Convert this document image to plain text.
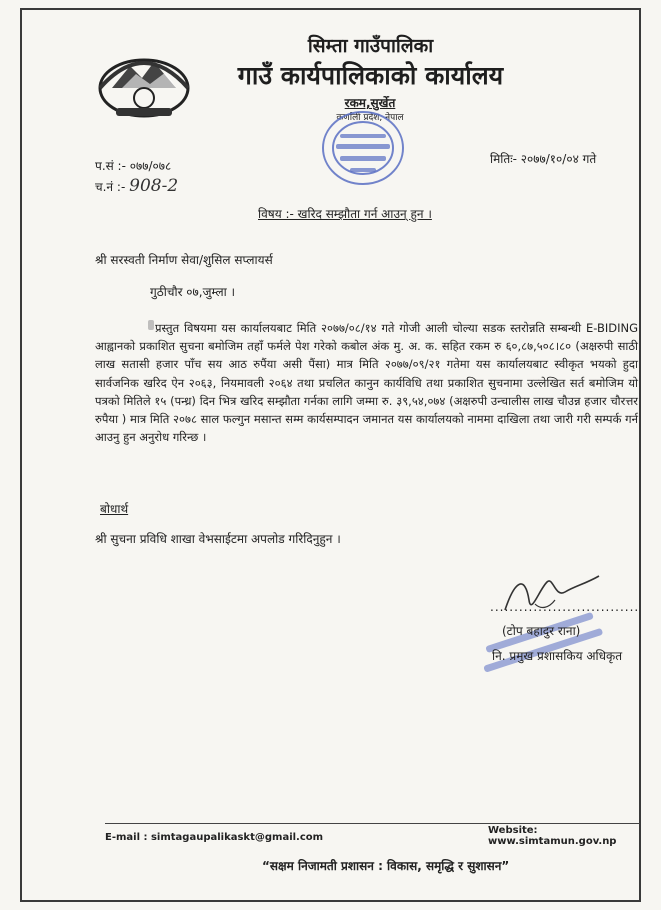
सिम्ता गाउँपालिका
गाउँ कार्यपालिकाको कार्यालय
रकम,सुर्खेत
कर्णाली प्रदेश, नेपाल
प.सं :- ०७७/०७८
च.नं :- 908-2
मितिः- २०७७/१०/०४ गते
विषय :- खरिद सम्झौता गर्न आउन् हुन ।
श्री सरस्वती निर्माण सेवा/शुसिल सप्लायर्स
गुठीचौर ०७,जुम्ला ।
प्रस्तुत विषयमा यस कार्यालयबाट मिति २०७७/०८/१४ गते गोजी आली चोल्या सडक स्तरोन्नति सम्बन्धी E-BIDING आह्वानको प्रकाशित सुचना बमोजिम तहाँ फर्मले पेश गरेको कबोल अंक मु. अ. क. सहित रकम रु ६०,८७,५०८।८० (अक्षरुपी साठी लाख सतासी हजार पाँच सय आठ रुपैंया असी पैंसा) मात्र मिति २०७७/०९/२१ गतेमा यस कार्यालयबाट स्वीकृत भयको हुदा सार्वजनिक खरिद ऐन २०६३, नियमावली २०६४ तथा प्रचलित कानुन कार्यविधि तथा प्रकाशित सुचनामा उल्लेखित सर्त बमोजिम यो पत्रको मितिले १५ (पन्ध्र) दिन भित्र खरिद सम्झौता गर्नका लागि जम्मा रु. ३९,५४,०७४ (अक्षरुपी उन्चालीस लाख चौउन्न हजार चौरत्तर रुपैया ) मात्र मिति २०७८ साल फल्गुन मसान्त सम्म कार्यसम्पादन जमानत यस कार्यालयको नाममा दाखिला तथा जारी गरी सम्पर्क गर्न आउनु हुन अनुरोध गरिन्छ ।
बोधार्थ
श्री सुचना प्रविधि शाखा वेभसाईटमा अपलोड गरिदिनुहुन ।
...............................
(टोप बहादुर राना)
नि. प्रमुख प्रशासकिय अधिकृत
E-mail : simtagaupalikaskt@gmail.com
Website: www.simtamun.gov.np
“सक्षम निजामती प्रशासन : विकास, समृद्धि र सुशासन”
